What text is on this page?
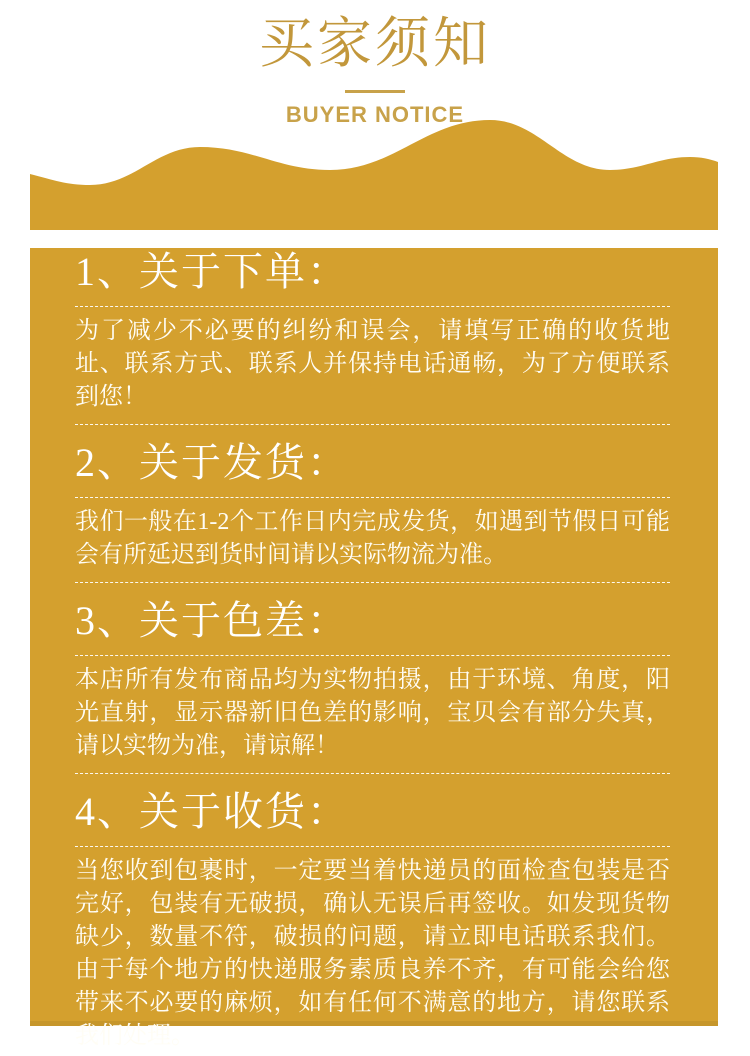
买家须知
BUYER NOTICE
1、关于下单：
为了减少不必要的纠纷和误会，请填写正确的收货地址、联系方式、联系人并保持电话通畅，为了方便联系到您！
2、关于发货：
我们一般在1-2个工作日内完成发货，如遇到节假日可能会有所延迟到货时间请以实际物流为准。
3、关于色差：
本店所有发布商品均为实物拍摄，由于环境、角度，阳光直射，显示器新旧色差的影响，宝贝会有部分失真，请以实物为准，请谅解！
4、关于收货：
当您收到包裹时，一定要当着快递员的面检查包装是否完好，包装有无破损，确认无误后再签收。如发现货物缺少，数量不符，破损的问题，请立即电话联系我们。由于每个地方的快递服务素质良养不齐，有可能会给您带来不必要的麻烦，如有任何不满意的地方，请您联系我们处理。
